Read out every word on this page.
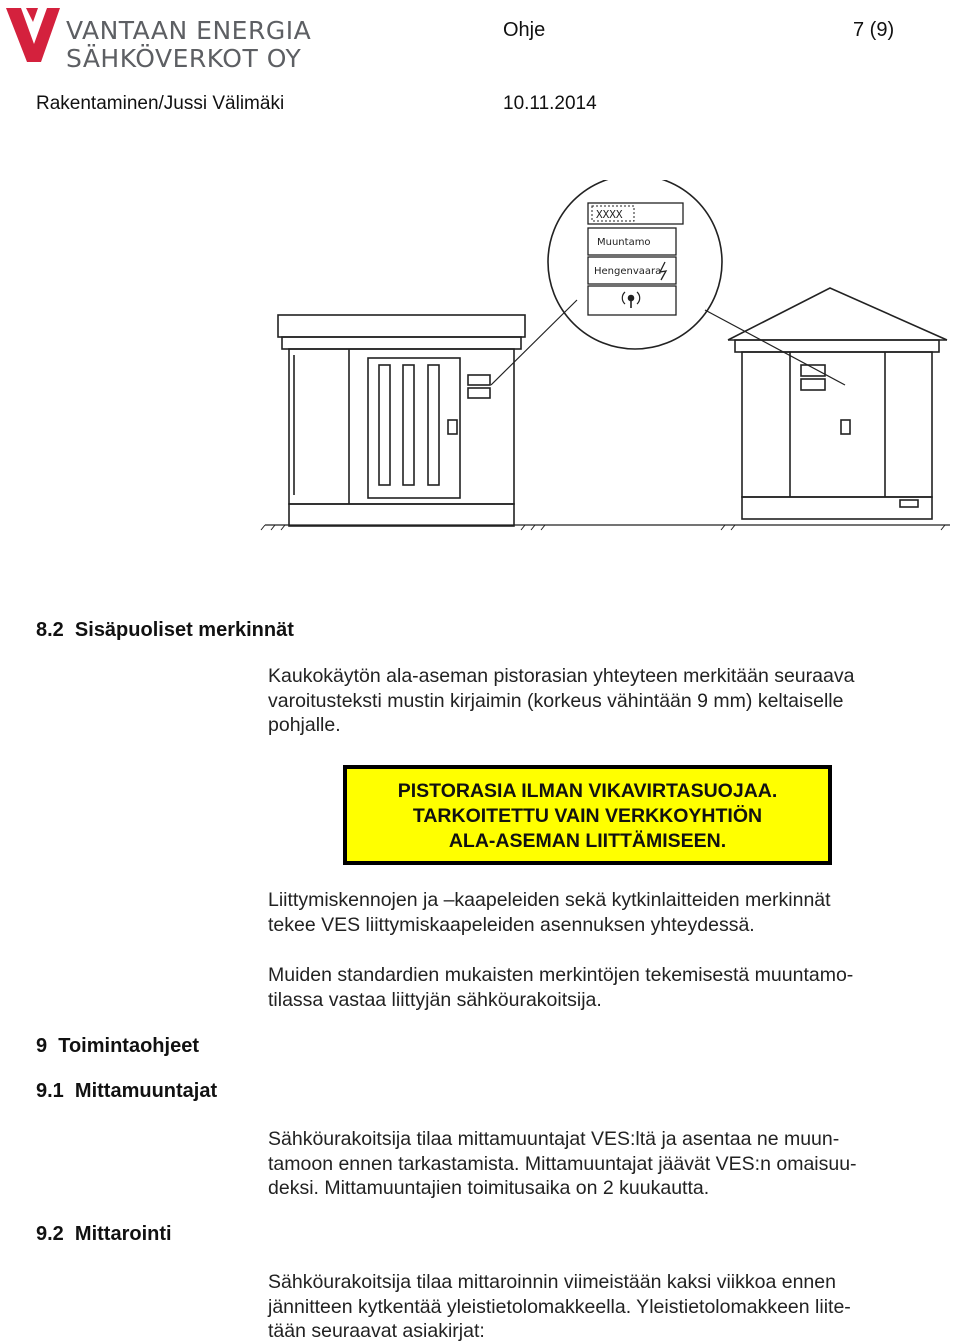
VANTAAN ENERGIA
SÄHKÖVERKOT OY
Ohje	7 (9)
Rakentaminen/Jussi Välimäki	10.11.2014
XXXX
Muuntamo
Hengenvaara
8.2  Sisäpuoliset merkinnät
Kaukokäytön ala-aseman pistorasian yhteyteen merkitään seuraava
varoitusteksti mustin kirjaimin (korkeus vähintään 9 mm) keltaiselle
pohjalle.
PISTORASIA ILMAN VIKAVIRTASUOJAA.
TARKOITETTU VAIN VERKKOYHTIÖN
ALA-ASEMAN LIITTÄMISEEN.
Liittymiskennojen ja –kaapeleiden sekä kytkinlaitteiden merkinnät
tekee VES liittymiskaapeleiden asennuksen yhteydessä.
Muiden standardien mukaisten merkintöjen tekemisestä muuntamo-
tilassa vastaa liittyjän sähköurakoitsija.
9  Toimintaohjeet
9.1  Mittamuuntajat
Sähköurakoitsija tilaa mittamuuntajat VES:ltä ja asentaa ne muun-
tamoon ennen tarkastamista. Mittamuuntajat jäävät VES:n omaisuu-
deksi. Mittamuuntajien toimitusaika on 2 kuukautta.
9.2  Mittarointi
Sähköurakoitsija tilaa mittaroinnin viimeistään kaksi viikkoa ennen
jännitteen kytkentää yleistietolomakkeella. Yleistietolomakkeen liite-
tään seuraavat asiakirjat:
